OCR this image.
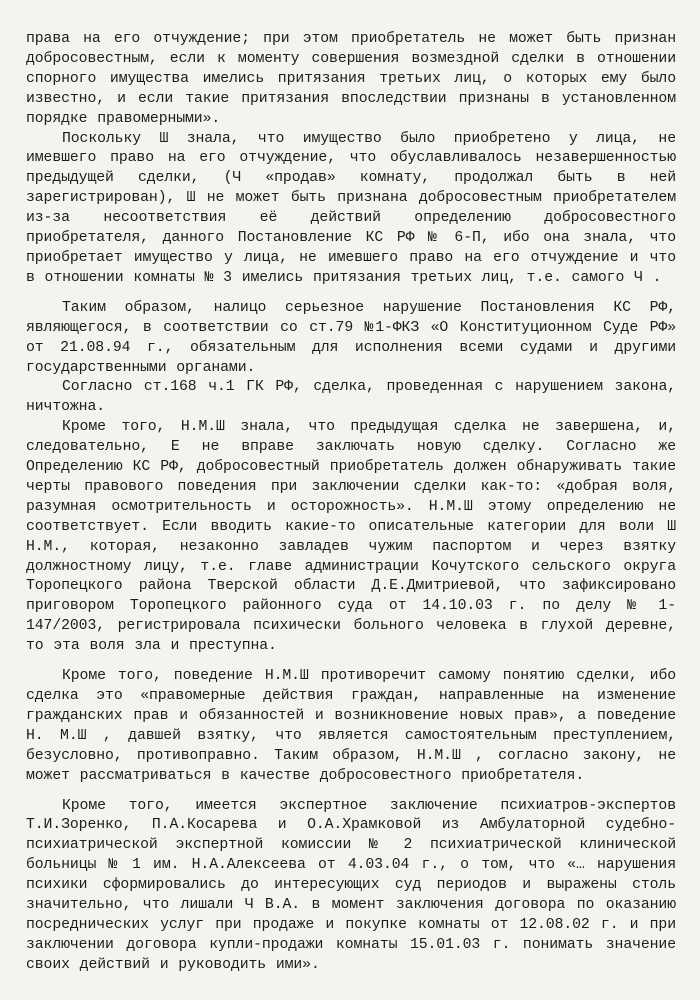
права на его отчуждение; при этом приобретатель не может быть признан добросовестным, если к моменту совершения возмездной сделки в отношении спорного имущества имелись притязания третьих лиц, о которых ему было известно, и если такие притязания впоследствии признаны в установленном порядке правомерными».

Поскольку Ш знала, что имущество было приобретено у лица, не имевшего право на его отчуждение, что обуславливалось незавершенностью предыдущей сделки, (Ч «продав» комнату, продолжал быть в ней зарегистрирован), Ш не может быть признана добросовестным приобретателем из-за несоответствия её действий определению добросовестного приобретателя, данного Постановление КС РФ № 6-П, ибо она знала, что приобретает имущество у лица, не имевшего право на его отчуждение и что в отношении комнаты № 3 имелись притязания третьих лиц, т.е. самого Ч .

Таким образом, налицо серьезное нарушение Постановления КС РФ, являющегося, в соответствии со ст.79 №1-ФКЗ «О Конституционном Суде РФ» от 21.08.94 г., обязательным для исполнения всеми судами и другими государственными органами.

Согласно ст.168 ч.1 ГК РФ, сделка, проведенная с нарушением закона, ничтожна.

Кроме того, Н.М.Ш знала, что предыдущая сделка не завершена, и, следовательно, Е не вправе заключать новую сделку. Согласно же Определению КС РФ, добросовестный приобретатель должен обнаруживать такие черты правового поведения при заключении сделки как-то: «добрая воля, разумная осмотрительность и осторожность». Н.М.Ш этому определению не соответствует. Если вводить какие-то описательные категории для воли Ш Н.М., которая, незаконно завладев чужим паспортом и через взятку должностному лицу, т.е. главе администрации Кочутского сельского округа Торопецкого района Тверской области Д.Е.Дмитриевой, что зафиксировано приговором Торопецкого районного суда от 14.10.03 г. по делу № 1-147/2003, регистрировала психически больного человека в глухой деревне, то эта воля зла и преступна.

Кроме того, поведение Н.М.Ш противоречит самому понятию сделки, ибо сделка это «правомерные действия граждан, направленные на изменение гражданских прав и обязанностей и возникновение новых прав», а поведение Н. М.Ш , давшей взятку, что является самостоятельным преступлением, безусловно, противоправно. Таким образом, Н.М.Ш , согласно закону, не может рассматриваться в качестве добросовестного приобретателя.

Кроме того, имеется экспертное заключение психиатров-экспертов Т.И.Зоренко, П.А.Косарева и О.А.Храмковой из Амбулаторной судебно-психиатрической экспертной комиссии № 2 психиатрической клинической больницы № 1 им. Н.А.Алексеева от 4.03.04 г., о том, что «… нарушения психики сформировались до интересующих суд периодов и выражены столь значительно, что лишали Ч В.А. в момент заключения договора по оказанию посреднических услуг при продаже и покупке комнаты от 12.08.02 г. и при заключении договора купли-продажи комнаты 15.01.03 г. понимать значение своих действий и руководить ими».
